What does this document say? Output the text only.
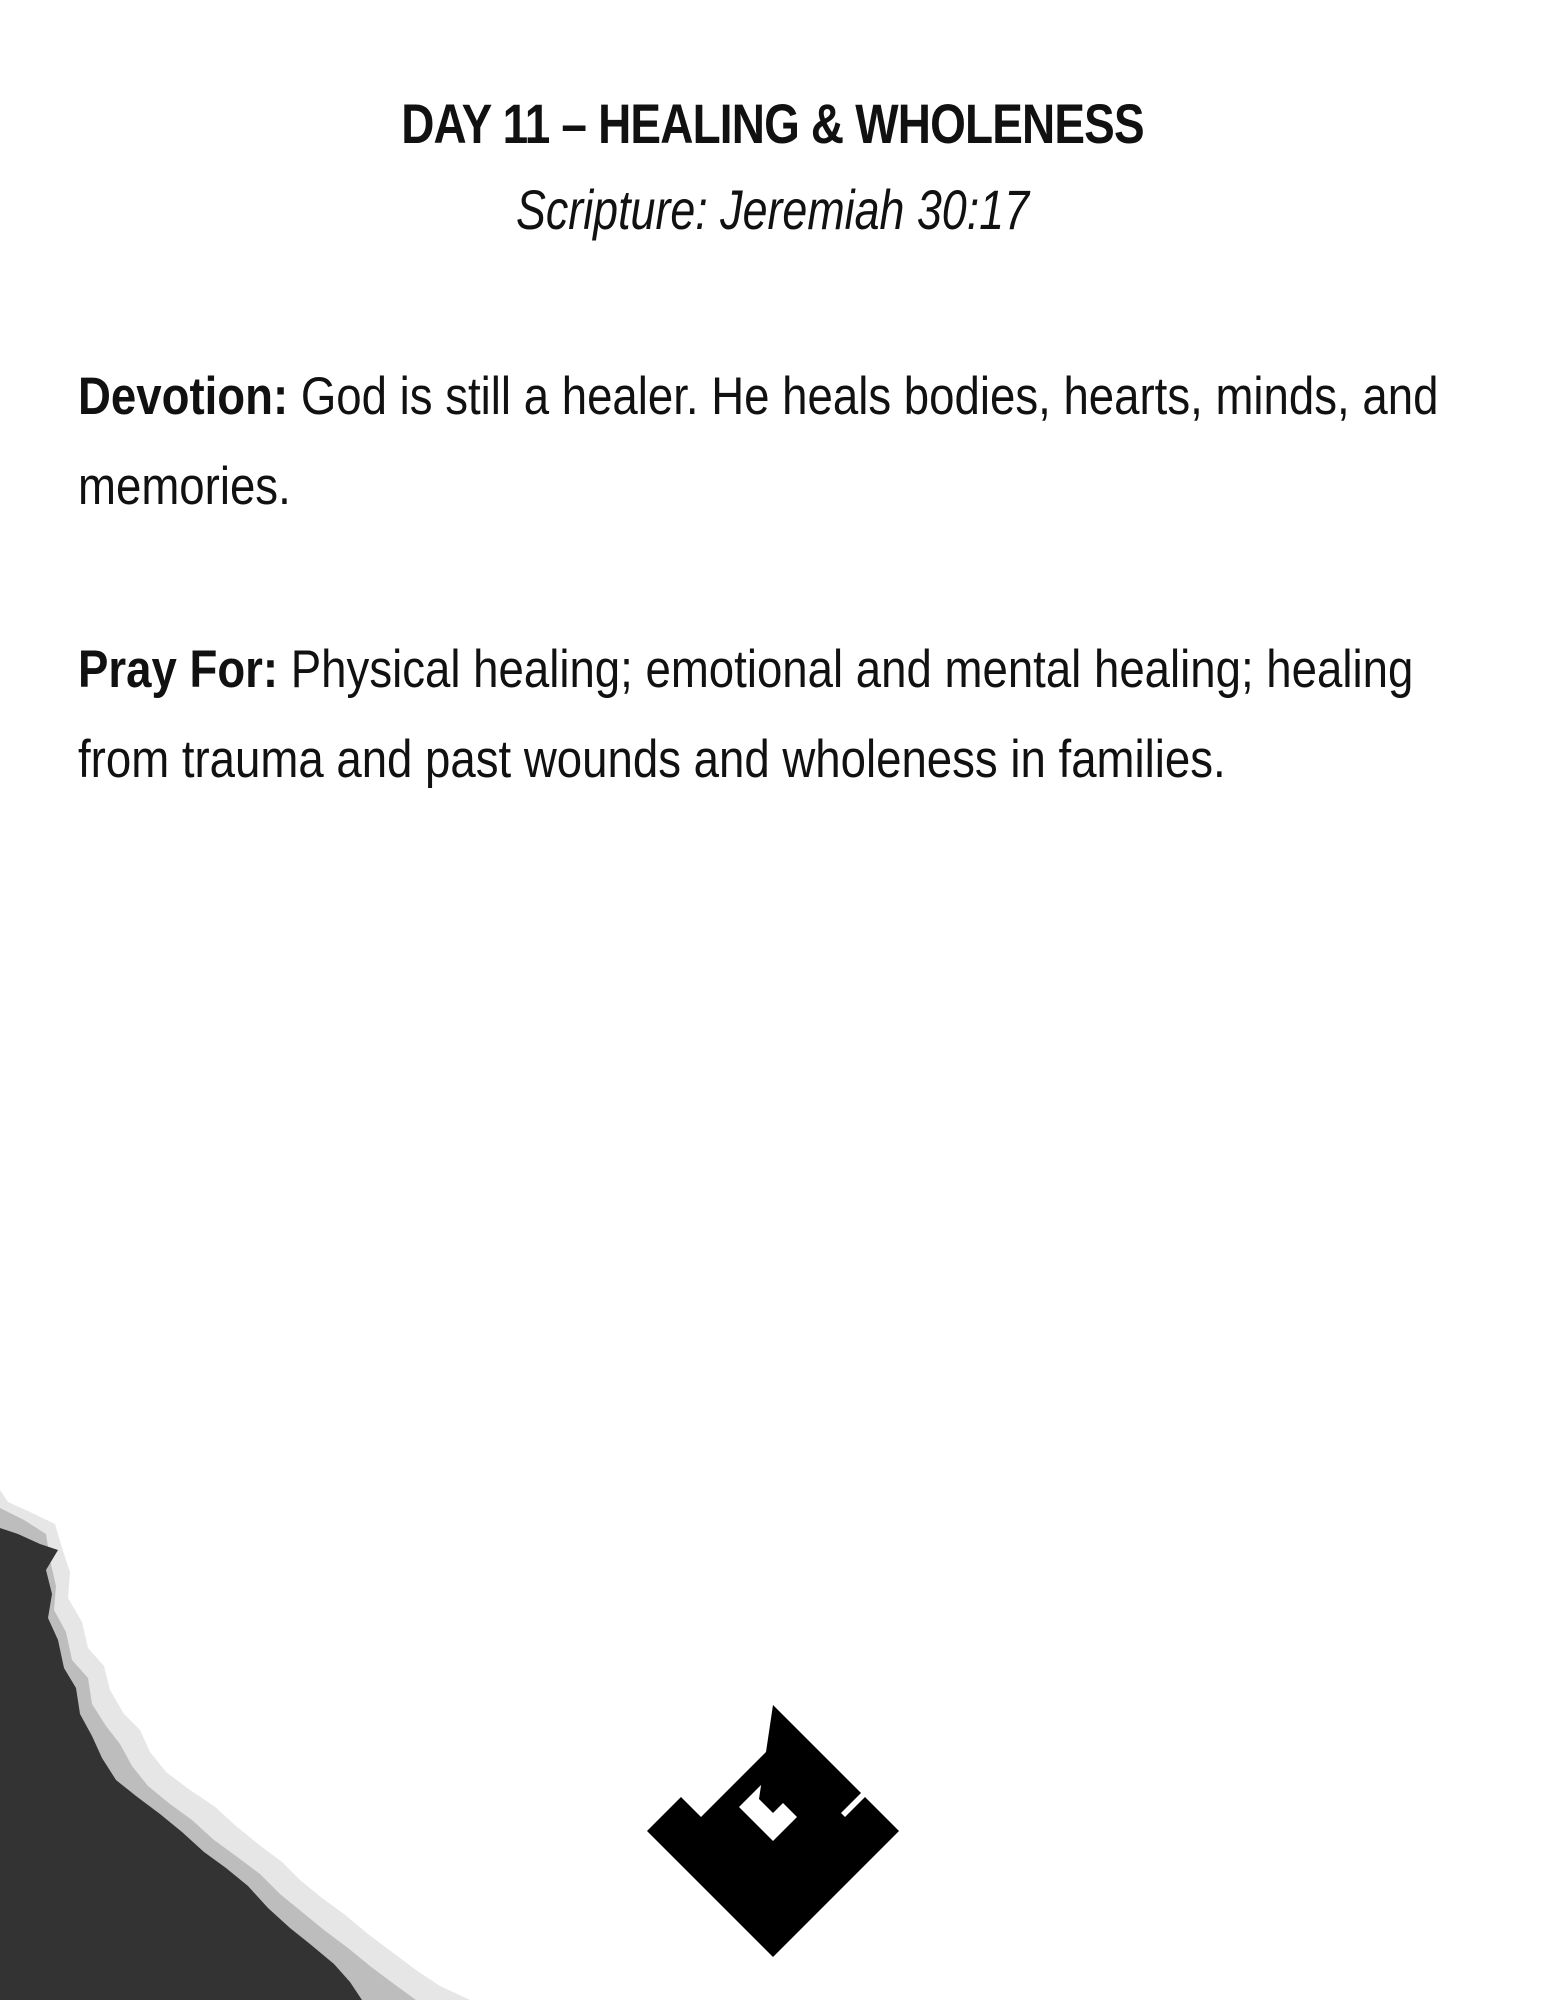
DAY 11 – HEALING & WHOLENESS
Scripture: Jeremiah 30:17
Devotion: God is still a healer. He heals bodies, hearts, minds, and memories.
Pray For: Physical healing; emotional and mental healing; healing from trauma and past wounds and wholeness in families.
